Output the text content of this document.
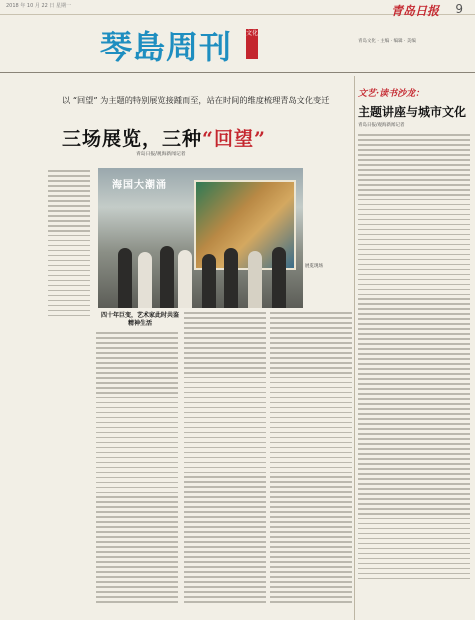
2018 年 10 月 22 日 星期一	青岛日报 9
琴島周刊 文化
青岛文化 · 主编 · 编辑 · 美编
以 “回望” 为主题的特别展览接踵而至，站在时间的维度梳理青岛文化变迁
三场展览，三种“回望”
青岛日报/观海新闻记者
海国大潮涌
展览现场
四十年巨变，艺术家此时共鉴精神生活
文艺·读书沙龙：
主题讲座与城市文化
青岛日报/观海新闻记者
